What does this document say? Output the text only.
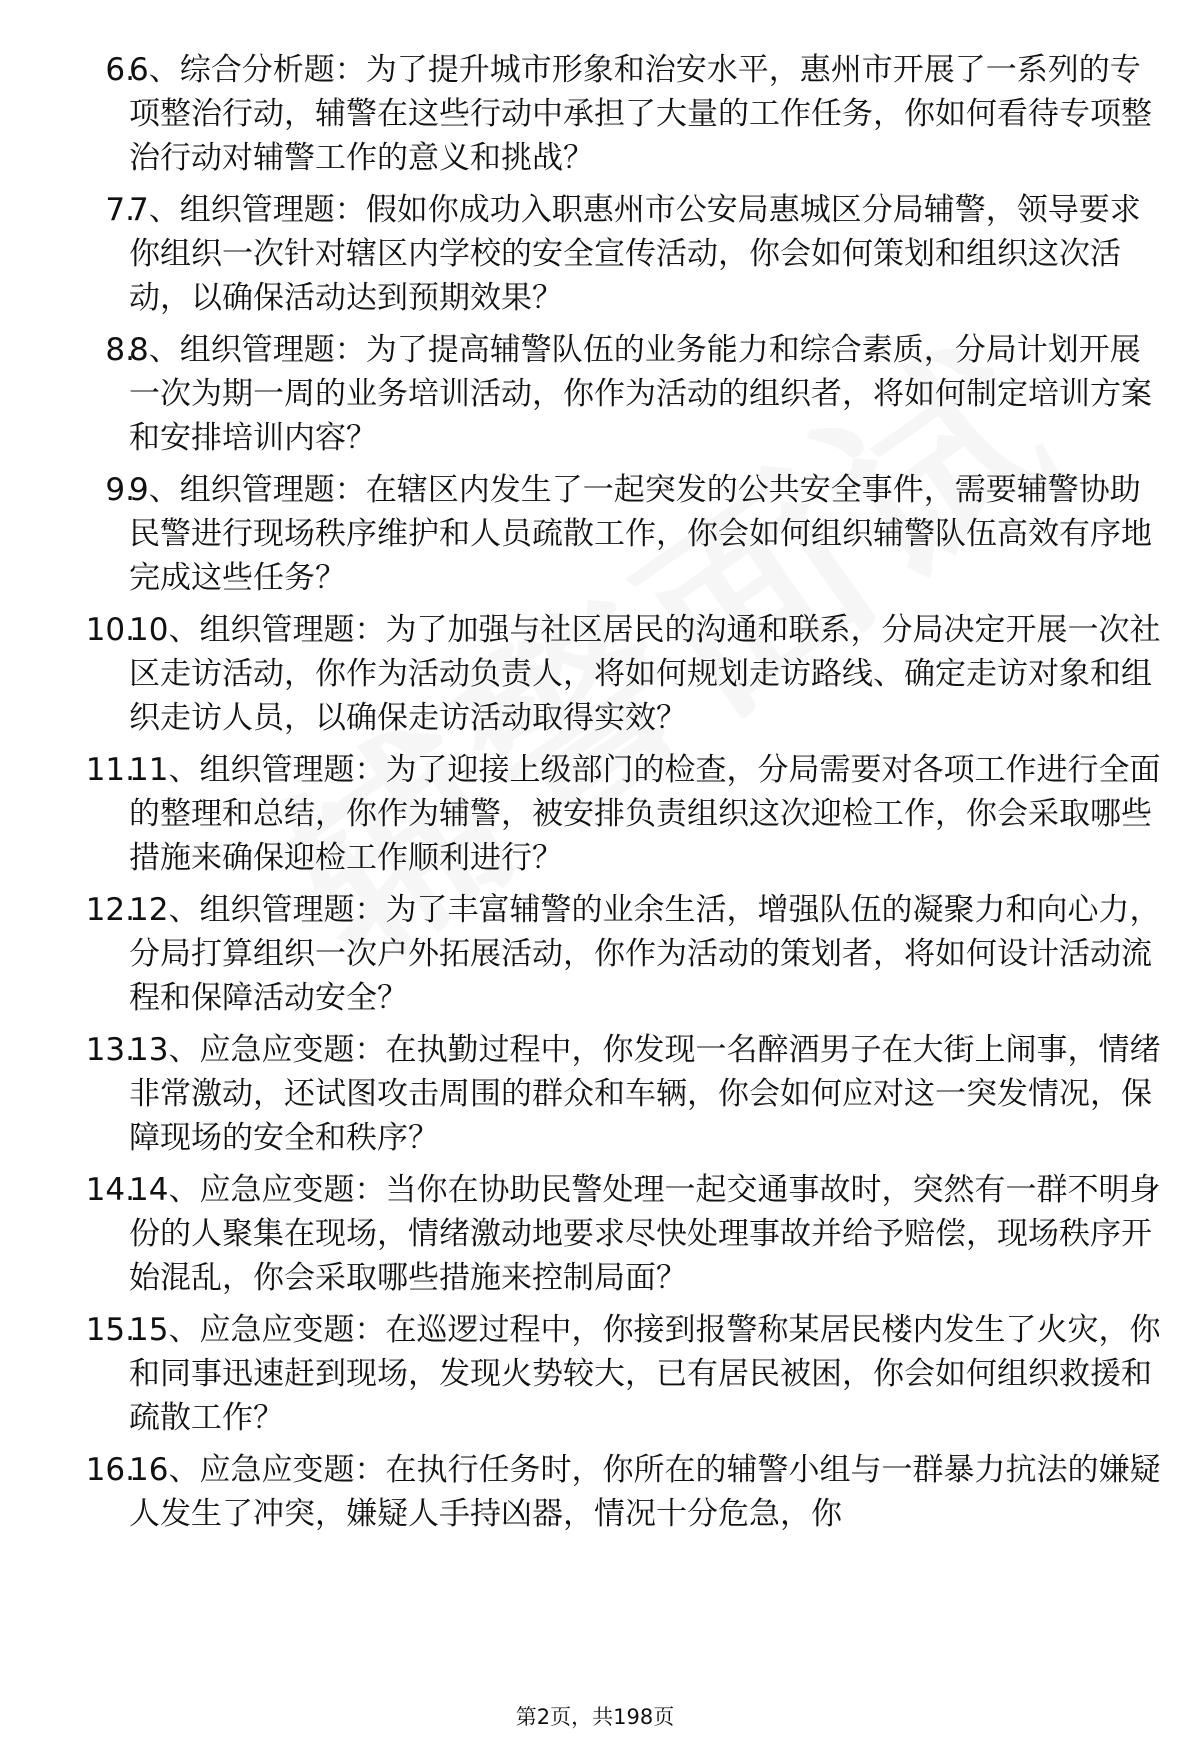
6.
6、综合分析题：为了提升城市形象和治安水平，惠州市开展了一系列的专项整治行动，辅警在这些行动中承担了大量的工作任务，你如何看待专项整治行动对辅警工作的意义和挑战？
7.
7、组织管理题：假如你成功入职惠州市公安局惠城区分局辅警，领导要求你组织一次针对辖区内学校的安全宣传活动，你会如何策划和组织这次活动，以确保活动达到预期效果？
8.
8、组织管理题：为了提高辅警队伍的业务能力和综合素质，分局计划开展一次为期一周的业务培训活动，你作为活动的组织者，将如何制定培训方案和安排培训内容？
9.
9、组织管理题：在辖区内发生了一起突发的公共安全事件，需要辅警协助民警进行现场秩序维护和人员疏散工作，你会如何组织辅警队伍高效有序地完成这些任务？
10.
10、组织管理题：为了加强与社区居民的沟通和联系，分局决定开展一次社区走访活动，你作为活动负责人，将如何规划走访路线、确定走访对象和组织走访人员，以确保走访活动取得实效？
11.
11、组织管理题：为了迎接上级部门的检查，分局需要对各项工作进行全面的整理和总结，你作为辅警，被安排负责组织这次迎检工作，你会采取哪些措施来确保迎检工作顺利进行？
12.
12、组织管理题：为了丰富辅警的业余生活，增强队伍的凝聚力和向心力，分局打算组织一次户外拓展活动，你作为活动的策划者，将如何设计活动流程和保障活动安全？
13.
13、应急应变题：在执勤过程中，你发现一名醉酒男子在大街上闹事，情绪非常激动，还试图攻击周围的群众和车辆，你会如何应对这一突发情况，保障现场的安全和秩序？
14.
14、应急应变题：当你在协助民警处理一起交通事故时，突然有一群不明身份的人聚集在现场，情绪激动地要求尽快处理事故并给予赔偿，现场秩序开始混乱，你会采取哪些措施来控制局面？
15.
15、应急应变题：在巡逻过程中，你接到报警称某居民楼内发生了火灾，你和同事迅速赶到现场，发现火势较大，已有居民被困，你会如何组织救援和疏散工作？
16.
16、应急应变题：在执行任务时，你所在的辅警小组与一群暴力抗法的嫌疑人发生了冲突，嫌疑人手持凶器，情况十分危急，你
第2页，共198页
